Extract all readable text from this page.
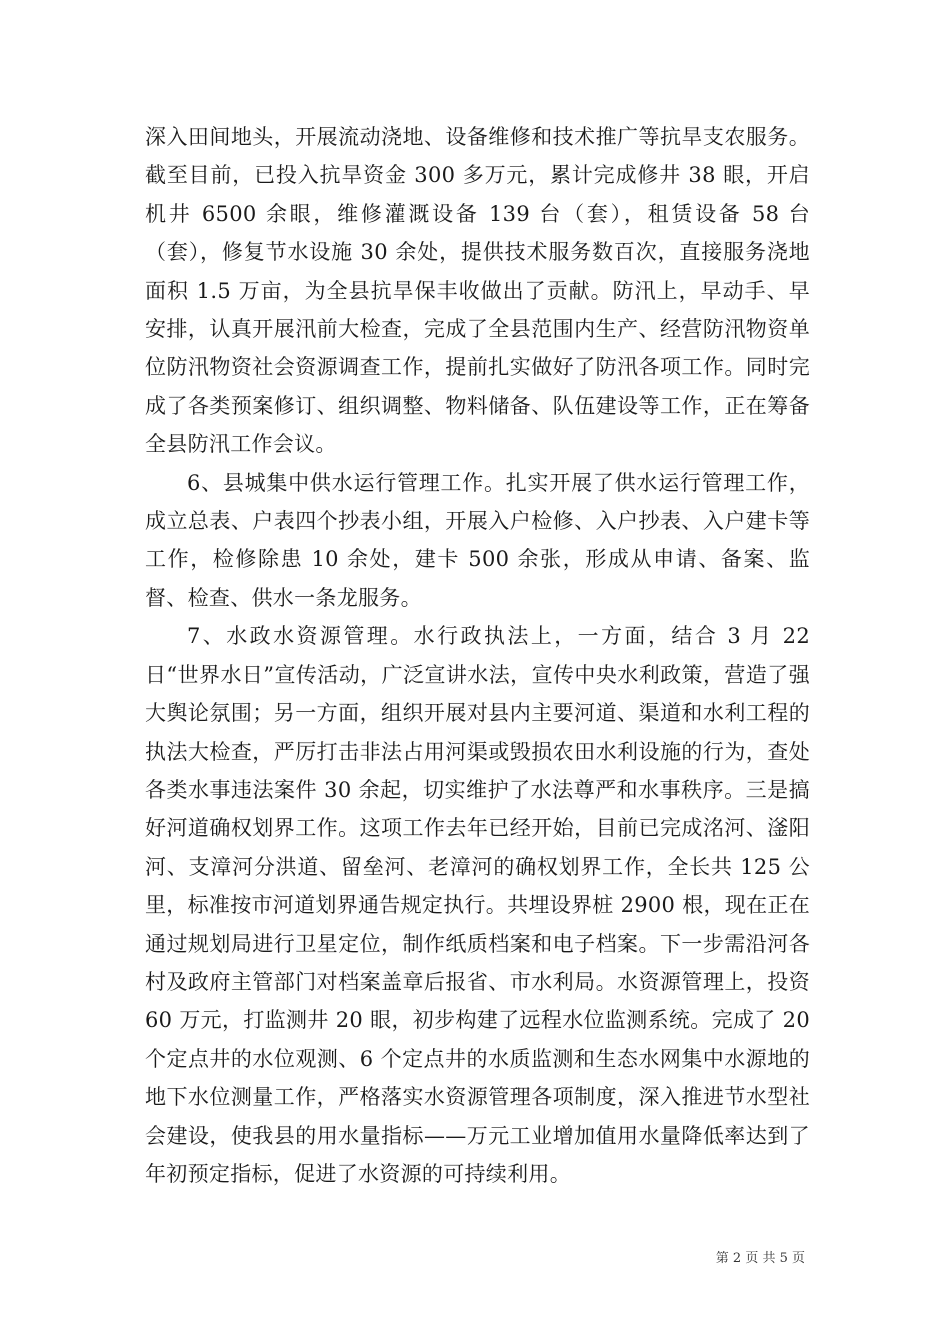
深入田间地头，开展流动浇地、设备维修和技术推广等抗旱支农服务。截至目前，已投入抗旱资金 300 多万元，累计完成修井 38 眼，开启机井 6500 余眼，维修灌溉设备 139 台（套），租赁设备 58 台（套），修复节水设施 30 余处，提供技术服务数百次，直接服务浇地面积 1.5 万亩，为全县抗旱保丰收做出了贡献。防汛上，早动手、早安排，认真开展汛前大检查，完成了全县范围内生产、经营防汛物资单位防汛物资社会资源调查工作，提前扎实做好了防汛各项工作。同时完成了各类预案修订、组织调整、物料储备、队伍建设等工作，正在筹备全县防汛工作会议。

6、县城集中供水运行管理工作。扎实开展了供水运行管理工作，成立总表、户表四个抄表小组，开展入户检修、入户抄表、入户建卡等工作，检修除患 10 余处，建卡 500 余张，形成从申请、备案、监督、检查、供水一条龙服务。

7、水政水资源管理。水行政执法上，一方面，结合 3 月 22 日“世界水日”宣传活动，广泛宣讲水法，宣传中央水利政策，营造了强大舆论氛围；另一方面，组织开展对县内主要河道、渠道和水利工程的执法大检查，严厉打击非法占用河渠或毁损农田水利设施的行为，查处各类水事违法案件 30 余起，切实维护了水法尊严和水事秩序。三是搞好河道确权划界工作。这项工作去年已经开始，目前已完成洺河、滏阳河、支漳河分洪道、留垒河、老漳河的确权划界工作，全长共 125 公里，标准按市河道划界通告规定执行。共埋设界桩 2900 根，现在正在通过规划局进行卫星定位，制作纸质档案和电子档案。下一步需沿河各村及政府主管部门对档案盖章后报省、市水利局。水资源管理上，投资 60 万元，打监测井 20 眼，初步构建了远程水位监测系统。完成了 20 个定点井的水位观测、6 个定点井的水质监测和生态水网集中水源地的地下水位测量工作，严格落实水资源管理各项制度，深入推进节水型社会建设，使我县的用水量指标——万元工业增加值用水量降低率达到了年初预定指标，促进了水资源的可持续利用。

第 2 页 共 5 页
